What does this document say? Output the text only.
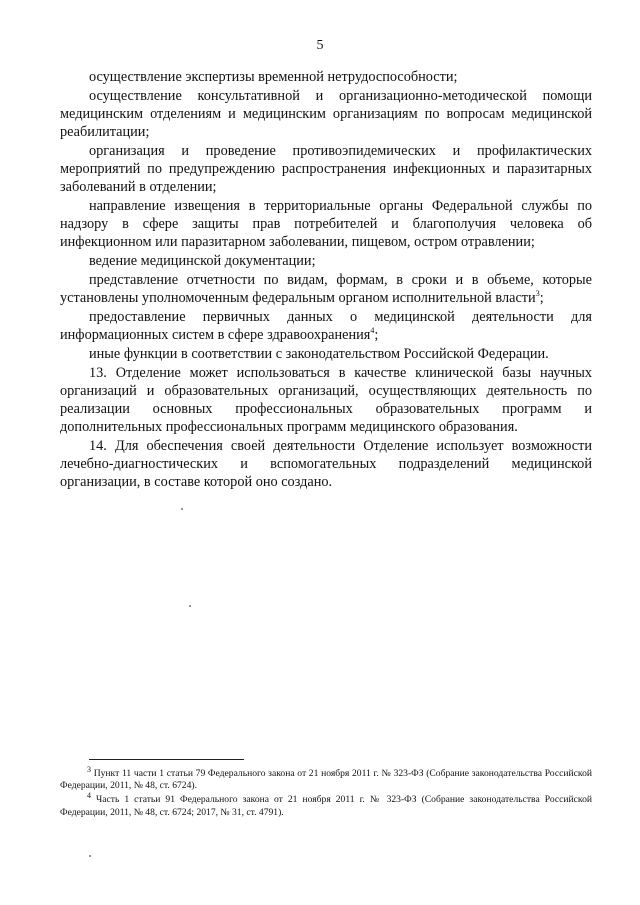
5

осуществление экспертизы временной нетрудоспособности;

осуществление консультативной и организационно-методической помощи медицинским отделениям и медицинским организациям по вопросам медицинской реабилитации;

организация и проведение противоэпидемических и профилактических мероприятий по предупреждению распространения инфекционных и паразитарных заболеваний в отделении;

направление извещения в территориальные органы Федеральной службы по надзору в сфере защиты прав потребителей и благополучия человека об инфекционном или паразитарном заболевании, пищевом, остром отравлении;

ведение медицинской документации;

представление отчетности по видам, формам, в сроки и в объеме, которые установлены уполномоченным федеральным органом исполнительной власти$^3$;

предоставление первичных данных о медицинской деятельности для информационных систем в сфере здравоохранения$^4$;

иные функции в соответствии с законодательством Российской Федерации.

13. Отделение может использоваться в качестве клинической базы научных организаций и образовательных организаций, осуществляющих деятельность по реализации основных профессиональных образовательных программ и дополнительных профессиональных программ медицинского образования.

14. Для обеспечения своей деятельности Отделение использует возможности лечебно-диагностических и вспомогательных подразделений медицинской организации, в составе которой оно создано.

$^3$ Пункт 11 части 1 статьи 79 Федерального закона от 21 ноября 2011 г. № 323-ФЗ (Собрание законодательства Российской Федерации, 2011, № 48, ст. 6724).

$^4$ Часть 1 статьи 91 Федерального закона от 21 ноября 2011 г. № 323-ФЗ (Собрание законодательства Российской Федерации, 2011, № 48, ст. 6724; 2017, № 31, ст. 4791).
